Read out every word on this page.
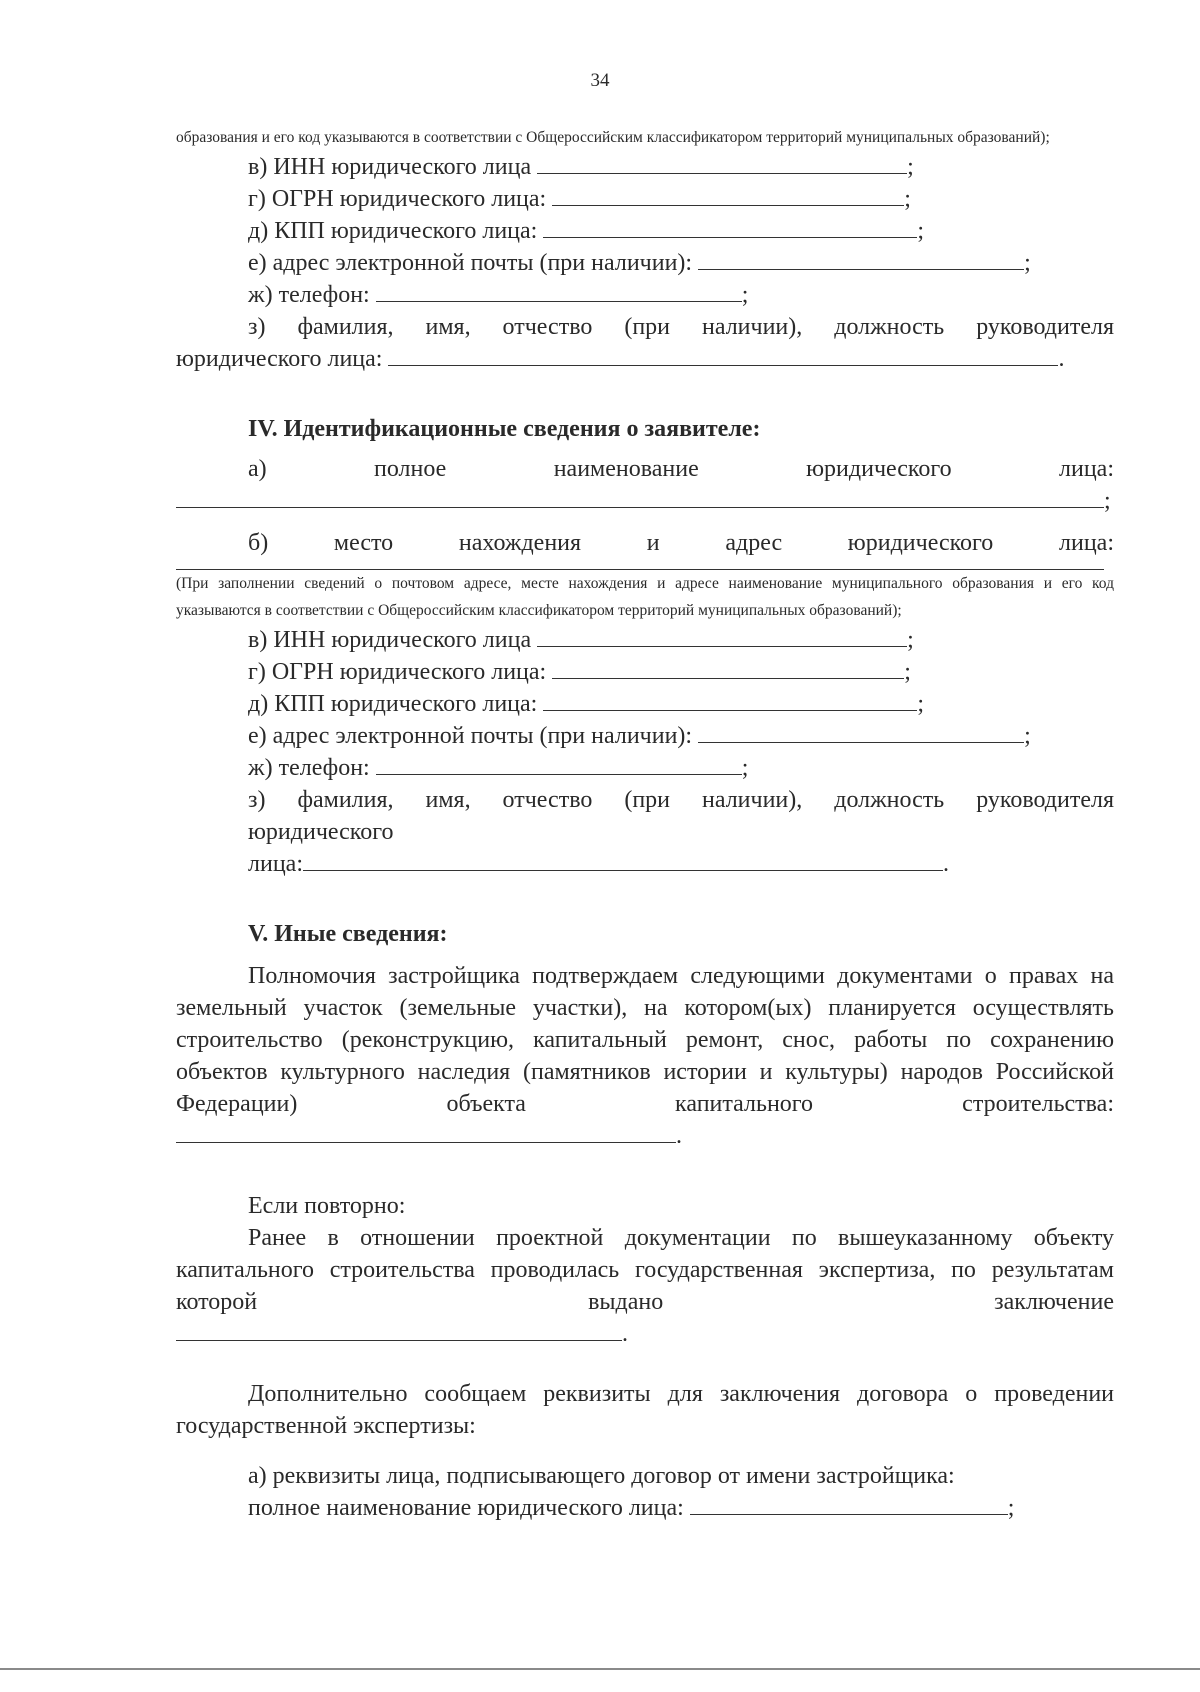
34
образования и его код указываются в соответствии с Общероссийским классификатором территорий муниципальных образований);
в) ИНН юридического лица	;
г) ОГРН юридического лица:	;
д) КПП юридического лица:	;
е) адрес электронной почты (при наличии):	;
ж) телефон:	;
з) фамилия, имя, отчество (при наличии), должность руководителя
юридического лица:	.
IV. Идентификационные сведения о заявителе:
а) полное наименование юридического лица:
;
б) место нахождения и адрес юридического лица:
(При заполнении сведений о почтовом адресе, месте нахождения и адресе наименование муниципального образования и его код указываются в соответствии с Общероссийским классификатором территорий муниципальных образований);
в) ИНН юридического лица	;
г) ОГРН юридического лица:	;
д) КПП юридического лица:	;
е) адрес электронной почты (при наличии):	;
ж) телефон:	;
з) фамилия, имя, отчество (при наличии), должность руководителя
юридического
лица:	.
V. Иные сведения:
Полномочия застройщика подтверждаем следующими документами о правах на земельный участок (земельные участки), на котором(ых) планируется осуществлять строительство (реконструкцию, капитальный ремонт, снос, работы по сохранению объектов культурного наследия (памятников истории и культуры) народов Российской Федерации) объекта капитального строительства: .
Если повторно:
Ранее в отношении проектной документации по вышеуказанному объекту капитального строительства проводилась государственная экспертиза, по результатам которой выдано заключение
.
Дополнительно сообщаем реквизиты для заключения договора о проведении государственной экспертизы:
а) реквизиты лица, подписывающего договор от имени застройщика:
полное наименование юридического лица:	;
